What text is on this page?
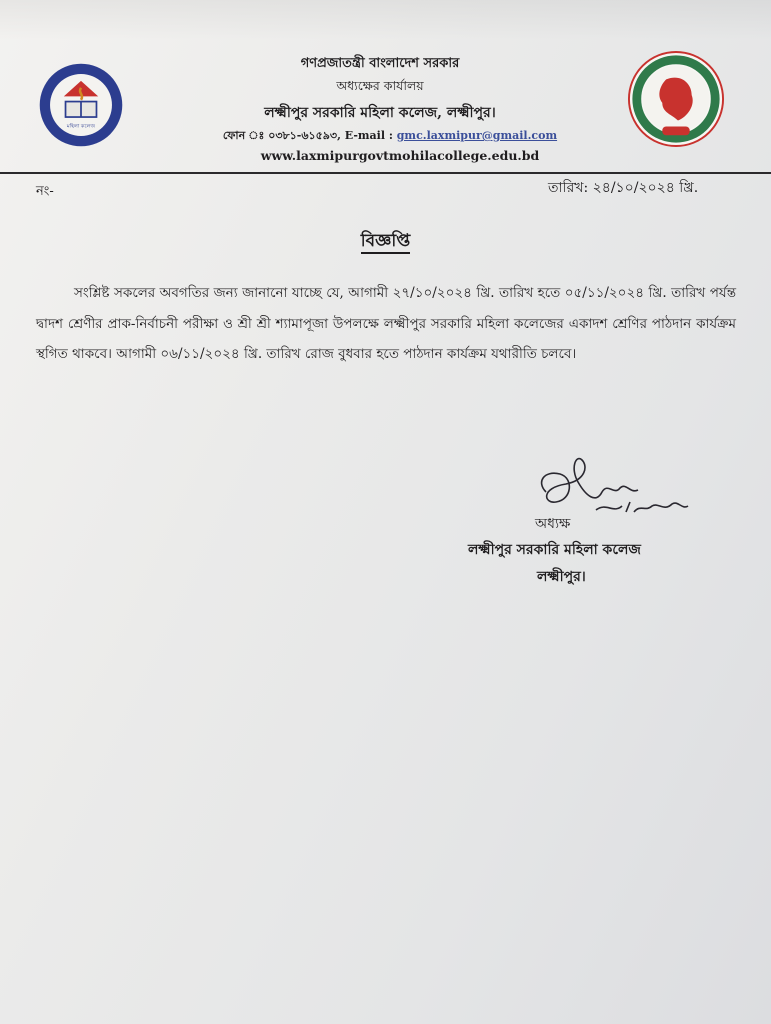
মহিলা কলেজ
গণপ্রজাতন্ত্রী বাংলাদেশ সরকার
অধ্যক্ষের কার্যালয়
লক্ষ্মীপুর সরকারি মহিলা কলেজ, লক্ষ্মীপুর।
ফোন ঃ ০৩৮১-৬১৫৯৩, E-mail : gmc.laxmipur@gmail.com
www.laxmipurgovtmohilacollege.edu.bd
নং-	তারিখ: ২৪/১০/২০২৪ খ্রি.
বিজ্ঞপ্তি

সংশ্লিষ্ট সকলের অবগতির জন্য জানানো যাচ্ছে যে, আগামী ২৭/১০/২০২৪ খ্রি. তারিখ হতে ০৫/১১/২০২৪ খ্রি. তারিখ পর্যন্ত দ্বাদশ শ্রেণীর প্রাক-নির্বাচনী পরীক্ষা ও শ্রী শ্রী শ্যামাপূজা উপলক্ষে লক্ষ্মীপুর সরকারি মহিলা কলেজের একাদশ শ্রেণির পাঠদান কার্যক্রম স্থগিত থাকবে। আগামী ০৬/১১/২০২৪ খ্রি. তারিখ রোজ বুধবার হতে পাঠদান কার্যক্রম যথারীতি চলবে।

অধ্যক্ষ
লক্ষ্মীপুর সরকারি মহিলা কলেজ
লক্ষ্মীপুর।
